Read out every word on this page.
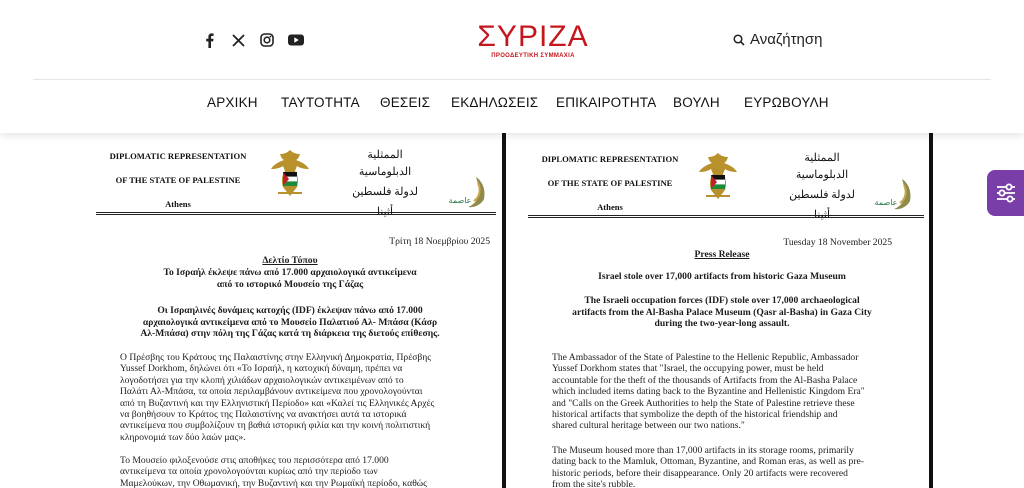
ΣΥΡΙΖΑ
ΠΡΟΟΔΕΥΤΙΚΗ ΣΥΜΜΑΧΙΑ
Αναζήτηση
ΑΡΧΙΚΗ ΤΑΥΤΟΤΗΤΑ ΘΕΣΕΙΣ ΕΚΔΗΛΩΣΕΙΣ ΕΠΙΚΑΙΡΟΤΗΤΑ ΒΟΥΛΗ ΕΥΡΩΒΟΥΛΗ
DIPLOMATIC REPRESENTATION
OF THE STATE OF PALESTINE
Athens
الممثلية الدبلوماسية
لدولة فلسطين
عاصمة
Τρίτη 18 Νοεμβρίου 2025
Δελτίο Τύπου
Το Ισραήλ έκλεψε πάνω από 17.000 αρχαιολογικά αντικείμενα
από το ιστορικό Μουσείο της Γάζας
Οι Ισραηλινές δυνάμεις κατοχής (IDF) έκλεψαν πάνω από 17.000
αρχαιολογικά αντικείμενα από το Μουσείο Παλατιού Αλ- Μπάσα (Κάσρ
Αλ-Μπάσα) στην πόλη της Γάζας κατά τη διάρκεια της διετούς επίθεσης.
Ο Πρέσβης του Κράτους της Παλαιστίνης στην Ελληνική Δημοκρατία, Πρέσβης
Yussef Dorkhom, δηλώνει ότι «Το Ισραήλ, η κατοχική δύναμη, πρέπει να
λογοδοτήσει για την κλοπή χιλιάδων αρχαιολογικών αντικειμένων από το
Παλάτι Αλ-Μπάσα, τα οποία περιλαμβάνουν αντικείμενα που χρονολογούνται
από τη Βυζαντινή και την Ελληνιστική Περίοδο» και «Καλεί τις Ελληνικές Αρχές
να βοηθήσουν το Κράτος της Παλαιστίνης να ανακτήσει αυτά τα ιστορικά
αντικείμενα που συμβολίζουν τη βαθιά ιστορική φιλία και την κοινή πολιτιστική
κληρονομιά των δύο λαών μας».
Το Μουσείο φιλοξενούσε στις αποθήκες του περισσότερα από 17.000
αντικείμενα τα οποία χρονολογούνται κυρίως από την περίοδο των
Μαμελούκων, την Οθωμανική, την Βυζαντινή και την Ρωμαϊκή περίοδο, καθώς
DIPLOMATIC REPRESENTATION
OF THE STATE OF PALESTINE
Athens
الممثلية الدبلوماسية
لدولة فلسطين
عاصمة
Tuesday 18 November 2025
Press Release
Israel stole over 17,000 artifacts from historic Gaza Museum
The Israeli occupation forces (IDF) stole over 17,000 archaeological
artifacts from the Al-Basha Palace Museum (Qasr al-Basha) in Gaza City
during the two-year-long assault.
The Ambassador of the State of Palestine to the Hellenic Republic, Ambassador
Yussef Dorkhom states that "Israel, the occupying power, must be held
accountable for the theft of the thousands of Artifacts from the Al-Basha Palace
which included items dating back to the Byzantine and Hellenistic Kingdom Era"
and "Calls on the Greek Authorities to help the State of Palestine retrieve these
historical artifacts that symbolize the depth of the historical friendship and
shared cultural heritage between our two nations."
The Museum housed more than 17,000 artifacts in its storage rooms, primarily
dating back to the Mamluk, Ottoman, Byzantine, and Roman eras, as well as pre-
historic periods, before their disappearance. Only 20 artifacts were recovered
from the site's rubble.
